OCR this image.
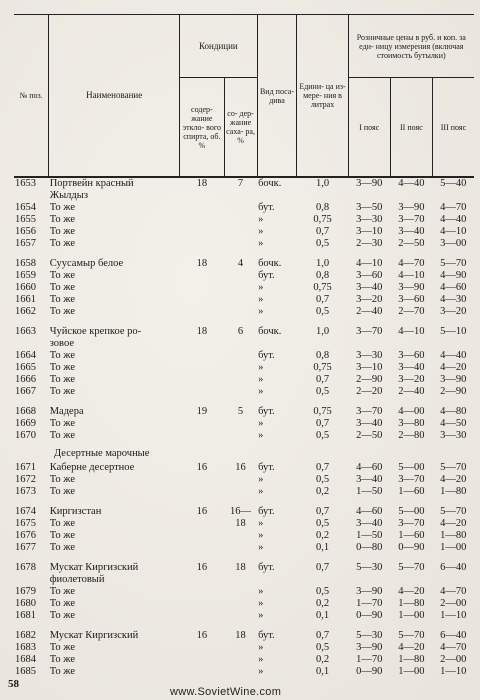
№ поз.	Наименование	Кондиции		Вид поса- дива	Едини- ца из- мере- ния в литрах	Розничные цены в руб. и коп. за еди- ницу измерения (включая стоимость бутылки)		
		содер- жание эткло- вого спирта, об. %	со- дер- жание саха- ра, %			I пояс	II пояс	III пояс
1653	Портвейн красный	18	7	бочк.	1,0	3—90	4—40	5—40
	Жылдыз							
1654	То же			бут.	0,8	3—50	3—90	4—70
1655	То же			»	0,75	3—30	3—70	4—40
1656	То же			»	0,7	3—10	3—40	4—10
1657	То же			»	0,5	2—30	2—50	3—00

1658	Суусамыр белое	18	4	бочк.	1,0	4—10	4—70	5—70
1659	То же			бут.	0,8	3—60	4—10	4—90
1660	То же			»	0,75	3—40	3—90	4—60
1661	То же			»	0,7	3—20	3—60	4—30
1662	То же			»	0,5	2—40	2—70	3—20

1663	Чуйское крепкое ро-	18	6	бочк.	1,0	3—70	4—10	5—10
	зовое							
1664	То же			бут.	0,8	3—30	3—60	4—40
1665	То же			»	0,75	3—10	3—40	4—20
1666	То же			»	0,7	2—90	3—20	3—90
1667	То же			»	0,5	2—20	2—40	2—90

1668	Мадера	19	5	бут.	0,75	3—70	4—00	4—80
1669	То же			»	0,7	3—40	3—80	4—50
1670	То же			»	0,5	2—50	2—80	3—30
Десертные марочные								
1671	Каберне десертное	16	16	бут.	0,7	4—60	5—00	5—70
1672	То же			»	0,5	3—40	3—70	4—20
1673	То же			»	0,2	1—50	1—60	1—80

1674	Киргизстан	16	16—	бут.	0,7	4—60	5—00	5—70
1675	То же		18	»	0,5	3—40	3—70	4—20
1676	То же			»	0,2	1—50	1—60	1—80
1677	То же			»	0,1	0—80	0—90	1—00

1678	Мускат Киргизский	16	18	бут.	0,7	5—30	5—70	6—40
	фиолетовый							
1679	То же			»	0,5	3—90	4—20	4—70
1680	То же			»	0,2	1—70	1—80	2—00
1681	То же			»	0,1	0—90	1—00	1—10

1682	Мускат Киргизский	16	18	бут.	0,7	5—30	5—70	6—40
1683	То же			»	0,5	3—90	4—20	4—70
1684	То же			»	0,2	1—70	1—80	2—00
1685	То же			»	0,1	0—90	1—00	1—10
58
www.SovietWine.com
